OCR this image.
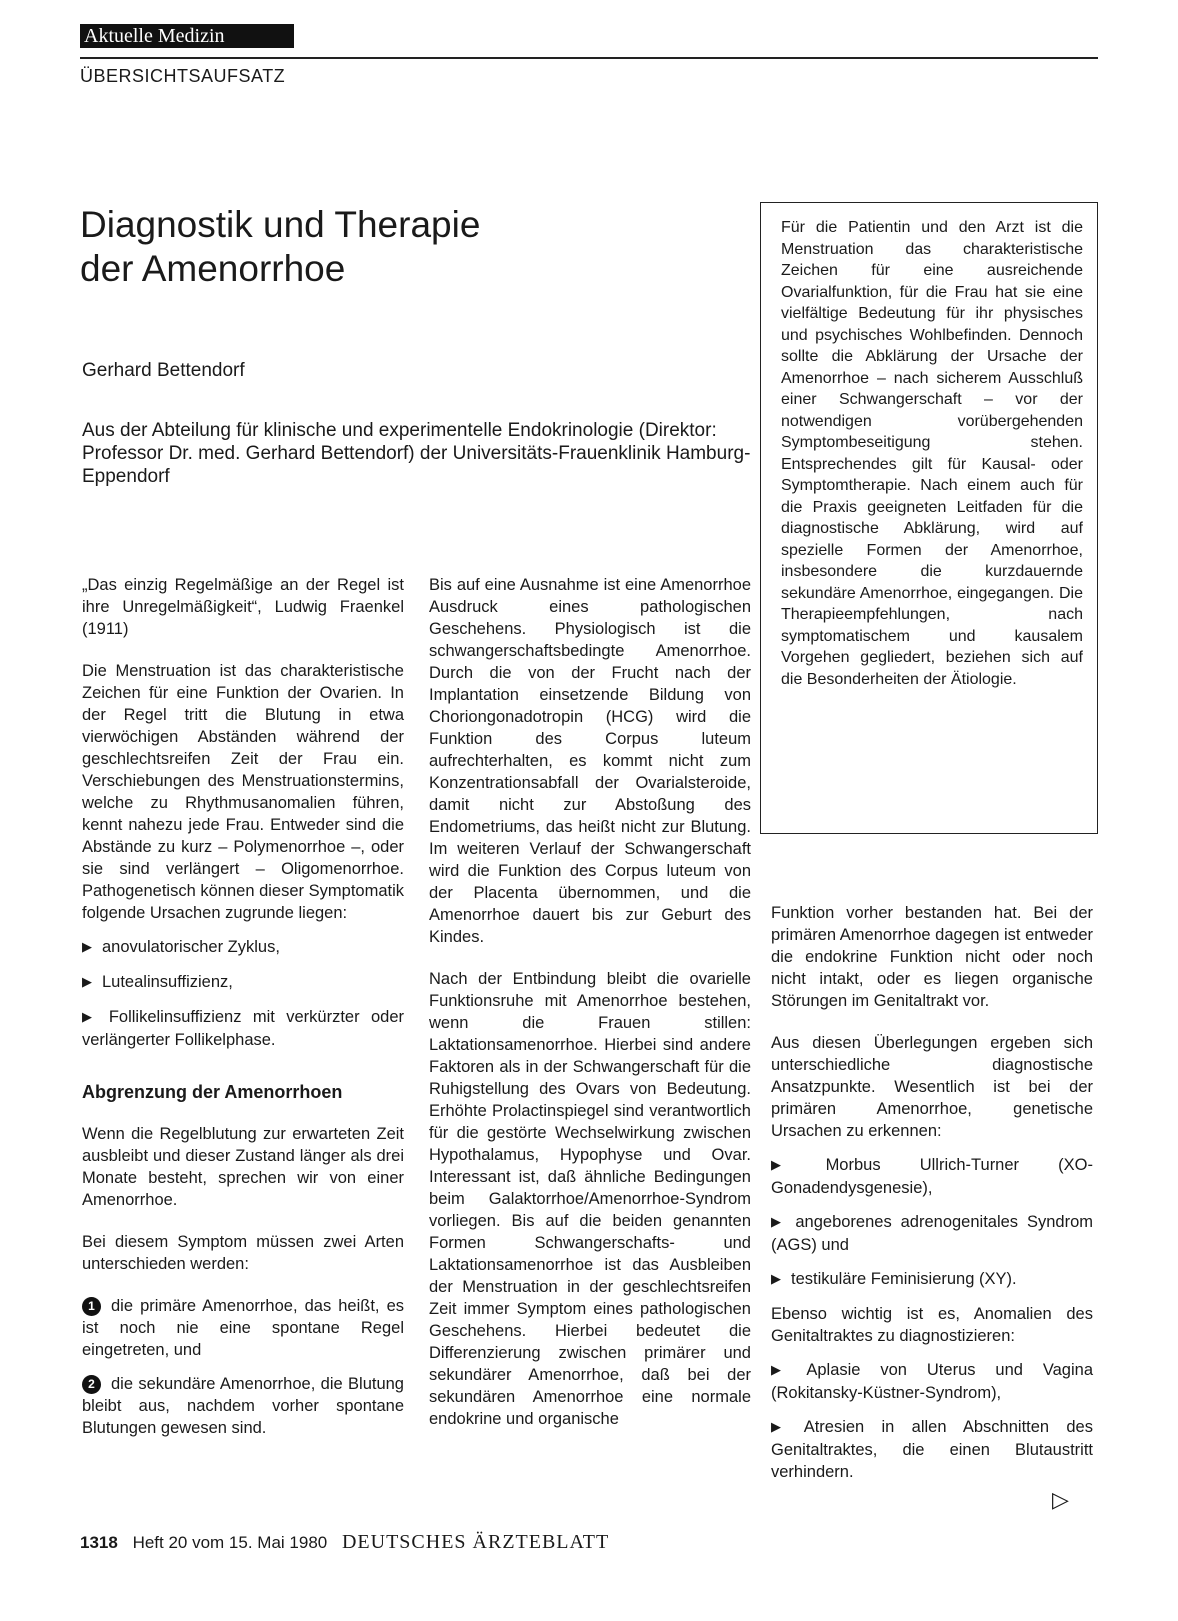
Aktuelle Medizin
ÜBERSICHTSAUFSATZ
Diagnostik und Therapie
der Amenorrhoe
Gerhard Bettendorf
Aus der Abteilung für klinische und experimentelle Endokrinologie (Direktor: Professor Dr. med. Gerhard Bettendorf) der Universitäts-Frauenklinik Hamburg-Eppendorf

Für die Patientin und den Arzt ist die Menstruation das charakteristische Zeichen für eine ausreichende Ovarialfunktion, für die Frau hat sie eine vielfältige Bedeutung für ihr physisches und psychisches Wohlbefinden. Dennoch sollte die Abklärung der Ursache der Amenorrhoe – nach sicherem Ausschluß einer Schwangerschaft – vor der notwendigen vorübergehenden Symptombeseitigung stehen. Entsprechendes gilt für Kausal- oder Symptomtherapie. Nach einem auch für die Praxis geeigneten Leitfaden für die diagnostische Abklärung, wird auf spezielle Formen der Amenorrhoe, insbesondere die kurzdauernde sekundäre Amenorrhoe, eingegangen. Die Therapieempfehlungen, nach symptomatischem und kausalem Vorgehen gegliedert, beziehen sich auf die Besonderheiten der Ätiologie.

„Das einzig Regelmäßige an der Regel ist ihre Unregelmäßigkeit“, Ludwig Fraenkel (1911)

Die Menstruation ist das charakteristische Zeichen für eine Funktion der Ovarien. In der Regel tritt die Blutung in etwa vierwöchigen Abständen während der geschlechtsreifen Zeit der Frau ein. Verschiebungen des Menstruationstermins, welche zu Rhythmusanomalien führen, kennt nahezu jede Frau. Entweder sind die Abstände zu kurz – Polymenorrhoe –, oder sie sind verlängert – Oligomenorrhoe. Pathogenetisch können dieser Symptomatik folgende Ursachen zugrunde liegen:

▶ anovulatorischer Zyklus,

▶ Lutealinsuffizienz,

▶ Follikelinsuffizienz mit verkürzter oder verlängerter Follikelphase.

Abgrenzung der Amenorrhoen

Wenn die Regelblutung zur erwarteten Zeit ausbleibt und dieser Zustand länger als drei Monate besteht, sprechen wir von einer Amenorrhoe.

Bei diesem Symptom müssen zwei Arten unterschieden werden:

1 die primäre Amenorrhoe, das heißt, es ist noch nie eine spontane Regel eingetreten, und

2 die sekundäre Amenorrhoe, die Blutung bleibt aus, nachdem vorher spontane Blutungen gewesen sind.

Bis auf eine Ausnahme ist eine Amenorrhoe Ausdruck eines pathologischen Geschehens. Physiologisch ist die schwangerschaftsbedingte Amenorrhoe. Durch die von der Frucht nach der Implantation einsetzende Bildung von Choriongonadotropin (HCG) wird die Funktion des Corpus luteum aufrechterhalten, es kommt nicht zum Konzentrationsabfall der Ovarialsteroide, damit nicht zur Abstoßung des Endometriums, das heißt nicht zur Blutung. Im weiteren Verlauf der Schwangerschaft wird die Funktion des Corpus luteum von der Placenta übernommen, und die Amenorrhoe dauert bis zur Geburt des Kindes.

Nach der Entbindung bleibt die ovarielle Funktionsruhe mit Amenorrhoe bestehen, wenn die Frauen stillen: Laktationsamenorrhoe. Hierbei sind andere Faktoren als in der Schwangerschaft für die Ruhigstellung des Ovars von Bedeutung. Erhöhte Prolactinspiegel sind verantwortlich für die gestörte Wechselwirkung zwischen Hypothalamus, Hypophyse und Ovar. Interessant ist, daß ähnliche Bedingungen beim Galaktorrhoe/Amenorrhoe-Syndrom vorliegen. Bis auf die beiden genannten Formen Schwangerschafts- und Laktationsamenorrhoe ist das Ausbleiben der Menstruation in der geschlechtsreifen Zeit immer Symptom eines pathologischen Geschehens. Hierbei bedeutet die Differenzierung zwischen primärer und sekundärer Amenorrhoe, daß bei der sekundären Amenorrhoe eine normale endokrine und organische

Funktion vorher bestanden hat. Bei der primären Amenorrhoe dagegen ist entweder die endokrine Funktion nicht oder noch nicht intakt, oder es liegen organische Störungen im Genitaltrakt vor.

Aus diesen Überlegungen ergeben sich unterschiedliche diagnostische Ansatzpunkte. Wesentlich ist bei der primären Amenorrhoe, genetische Ursachen zu erkennen:

▶ Morbus Ullrich-Turner (XO-Gonadendysgenesie),

▶ angeborenes adrenogenitales Syndrom (AGS) und

▶ testikuläre Feminisierung (XY).

Ebenso wichtig ist es, Anomalien des Genitaltraktes zu diagnostizieren:

▶ Aplasie von Uterus und Vagina (Rokitansky-Küstner-Syndrom),

▶ Atresien in allen Abschnitten des Genitaltraktes, die einen Blutaustritt verhindern.

▷
1318 Heft 20 vom 15. Mai 1980 DEUTSCHES ÄRZTEBLATT
